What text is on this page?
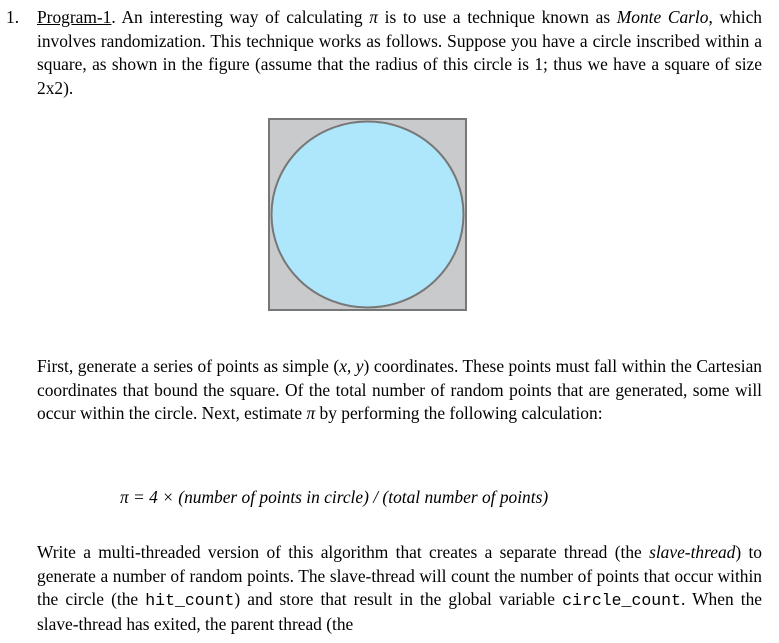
1. Program-1. An interesting way of calculating π is to use a technique known as Monte Carlo, which involves randomization. This technique works as follows. Suppose you have a circle inscribed within a square, as shown in the figure (assume that the radius of this circle is 1; thus we have a square of size 2x2).
First, generate a series of points as simple (x, y) coordinates. These points must fall within the Cartesian coordinates that bound the square. Of the total number of random points that are generated, some will occur within the circle. Next, estimate π by performing the following calculation:
π = 4 × (number of points in circle) / (total number of points)
Write a multi-threaded version of this algorithm that creates a separate thread (the slave-thread) to generate a number of random points. The slave-thread will count the number of points that occur within the circle (the hit_count) and store that result in the global variable circle_count. When the slave-thread has exited, the parent thread (the
